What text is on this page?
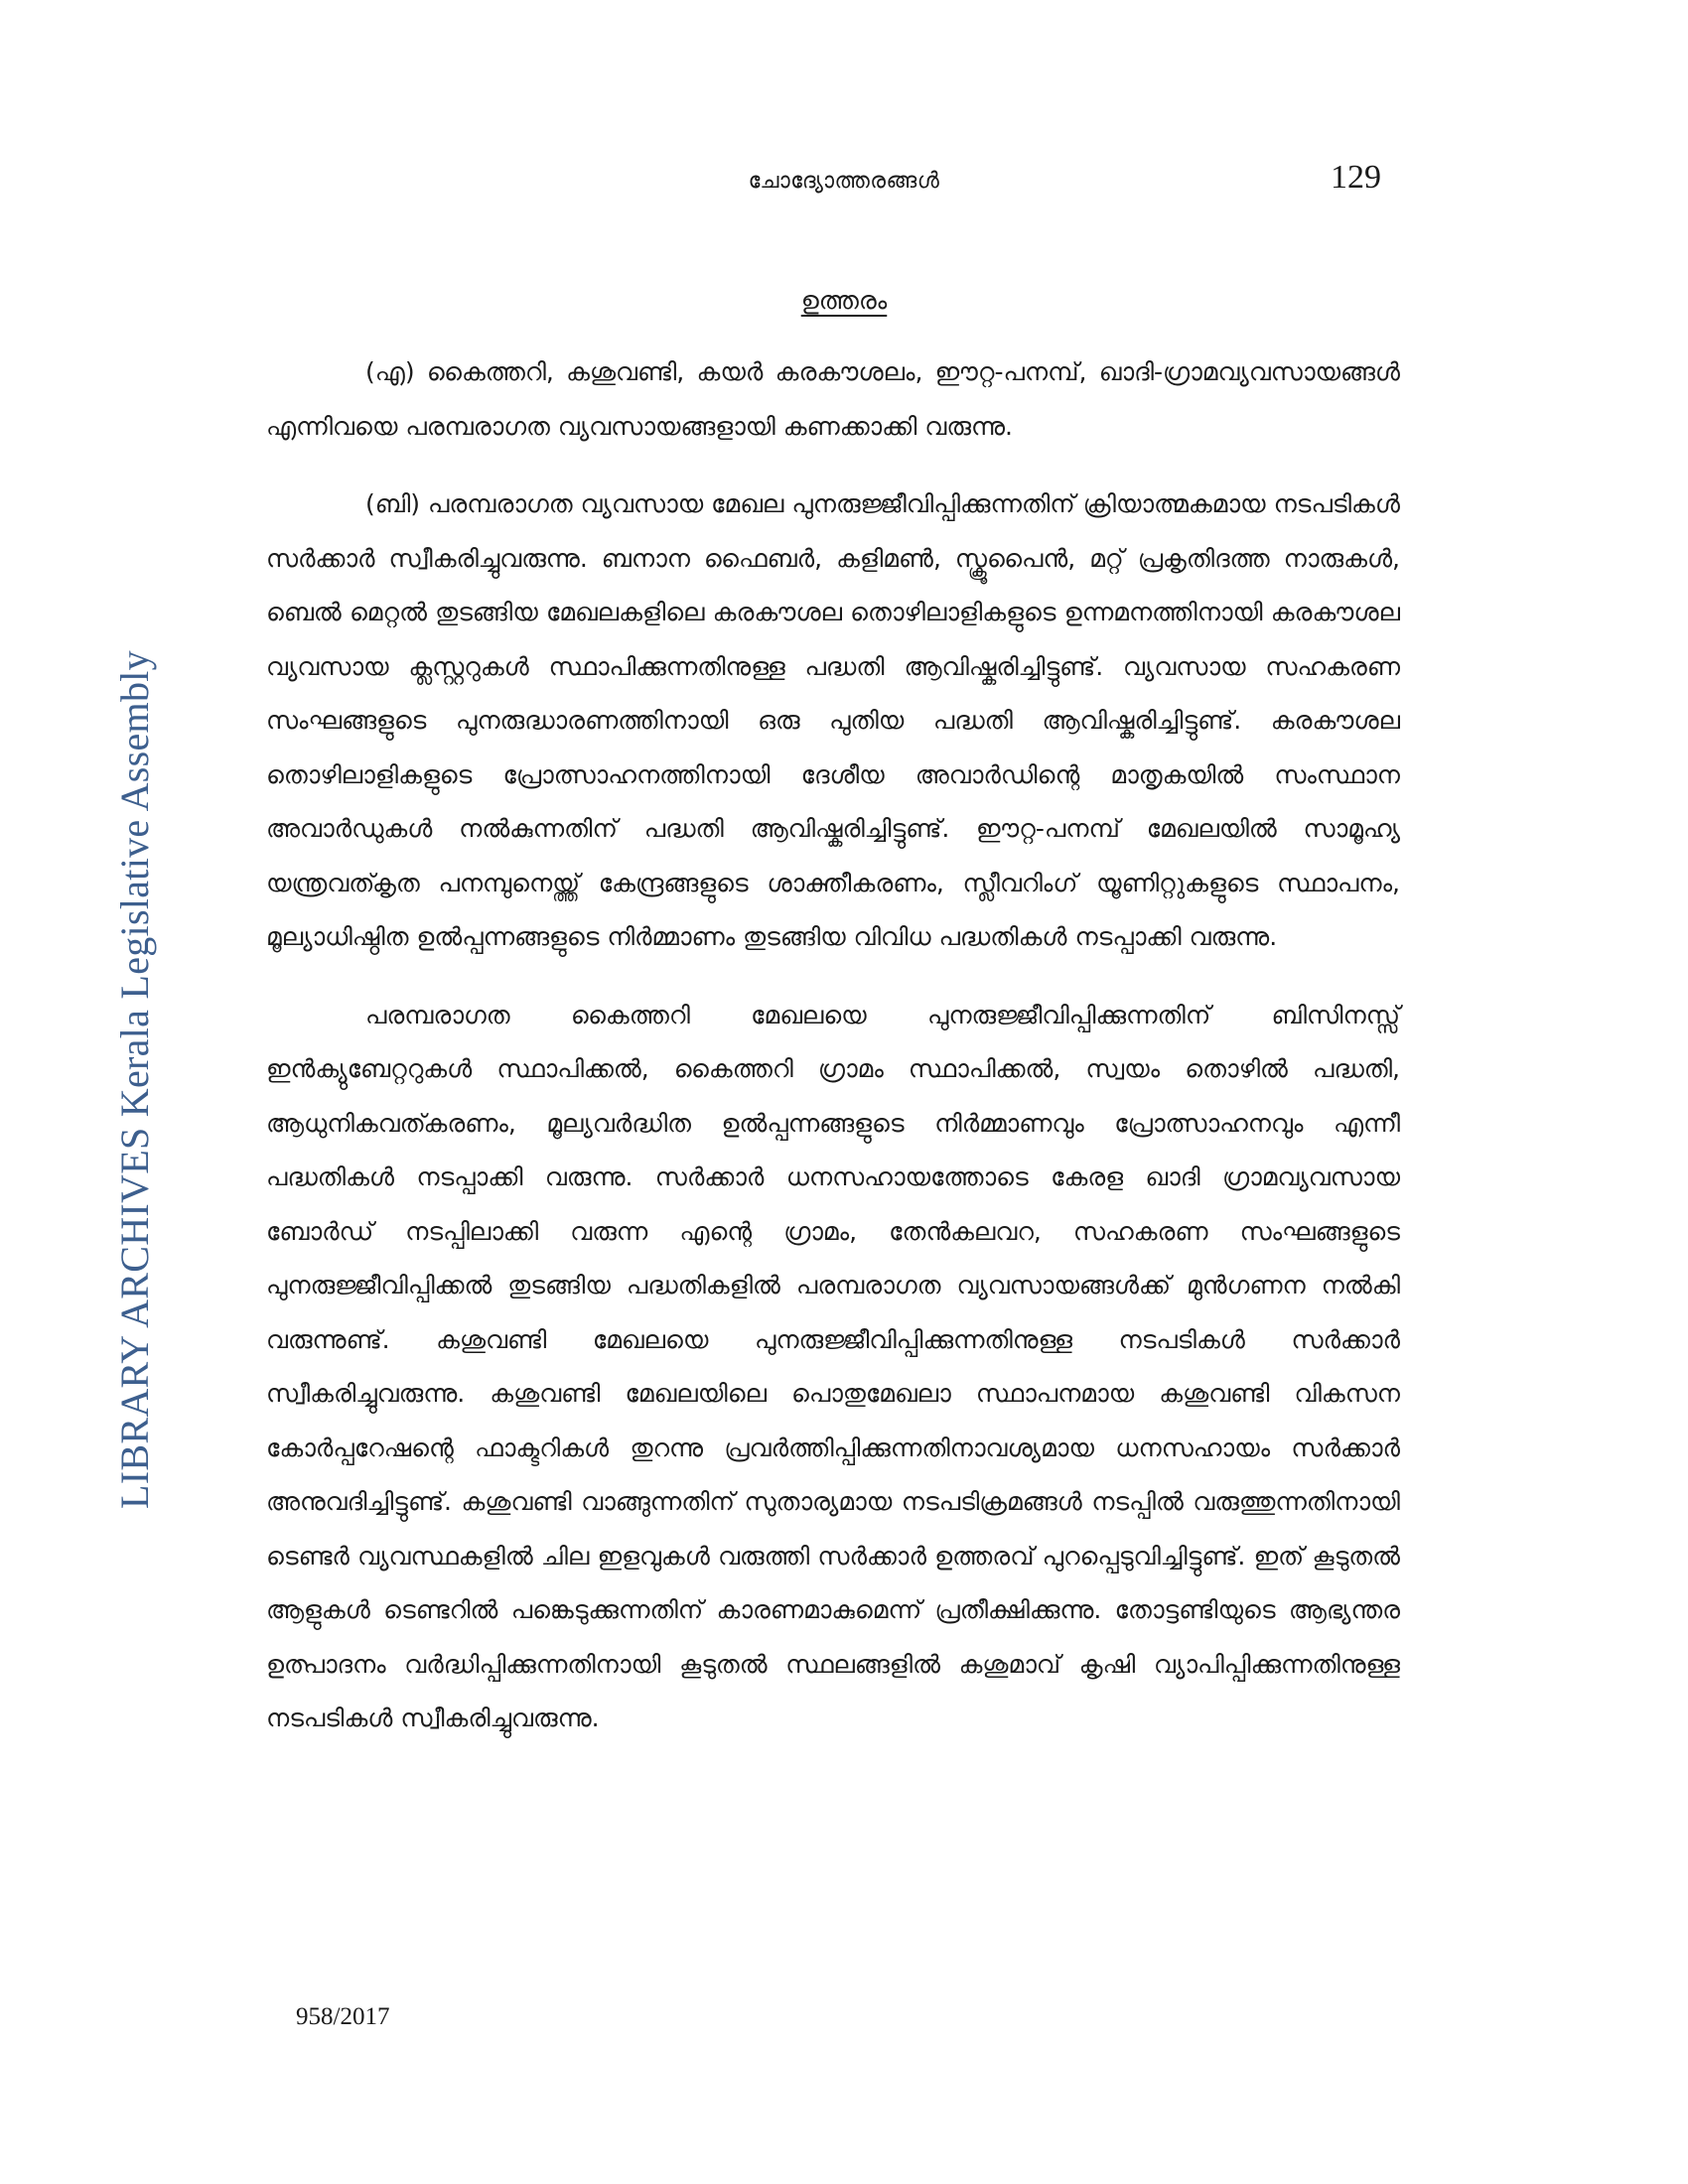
ചോദ്യോത്തരങ്ങൾ	129
LIBRARY ARCHIVES Kerala Legislative Assembly
ഉത്തരം

(എ) കൈത്തറി, കശുവണ്ടി, കയർ കരകൗശലം, ഈറ്റ-പനമ്പ്, ഖാദി-ഗ്രാമവ്യവസായങ്ങൾ എന്നിവയെ പരമ്പരാഗത വ്യവസായങ്ങളായി കണക്കാക്കി വരുന്നു.

(ബി) പരമ്പരാഗത വ്യവസായ മേഖല പുനരുജ്ജീവിപ്പിക്കുന്നതിന് ക്രിയാത്മകമായ നടപടികൾ സർക്കാർ സ്വീകരിച്ചുവരുന്നു. ബനാന ഫൈബർ, കളിമൺ, സ്ക്രൂപൈൻ, മറ്റ് പ്രകൃതിദത്ത നാരുകൾ, ബെൽ മെറ്റൽ തുടങ്ങിയ മേഖലകളിലെ കരകൗശല തൊഴിലാളികളുടെ ഉന്നമനത്തിനായി കരകൗശല വ്യവസായ ക്ലസ്റ്ററുകൾ സ്ഥാപിക്കുന്നതിനുള്ള പദ്ധതി ആവിഷ്കരിച്ചിട്ടുണ്ട്. വ്യവസായ സഹകരണ സംഘങ്ങളുടെ പുനരുദ്ധാരണത്തിനായി ഒരു പുതിയ പദ്ധതി ആവിഷ്കരിച്ചിട്ടുണ്ട്. കരകൗശല തൊഴിലാളികളുടെ പ്രോത്സാഹനത്തിനായി ദേശീയ അവാർഡിന്റെ മാതൃകയിൽ സംസ്ഥാന അവാർഡുകൾ നൽകുന്നതിന് പദ്ധതി ആവിഷ്കരിച്ചിട്ടുണ്ട്. ഈറ്റ-പനമ്പ് മേഖലയിൽ സാമൂഹ്യ യന്ത്രവത്കൃത പനമ്പുനെയ്ത്ത് കേന്ദ്രങ്ങളുടെ ശാക്തീകരണം, സ്ലീവറിംഗ് യൂണിറ്റുകളുടെ സ്ഥാപനം, മൂല്യാധിഷ്ഠിത ഉൽപ്പന്നങ്ങളുടെ നിർമ്മാണം തുടങ്ങിയ വിവിധ പദ്ധതികൾ നടപ്പാക്കി വരുന്നു.

പരമ്പരാഗത കൈത്തറി മേഖലയെ പുനരുജ്ജീവിപ്പിക്കുന്നതിന് ബിസിനസ്സ് ഇൻക്യുബേറ്ററുകൾ സ്ഥാപിക്കൽ, കൈത്തറി ഗ്രാമം സ്ഥാപിക്കൽ, സ്വയം തൊഴിൽ പദ്ധതി, ആധുനികവത്കരണം, മൂല്യവർദ്ധിത ഉൽപ്പന്നങ്ങളുടെ നിർമ്മാണവും പ്രോത്സാഹനവും എന്നീ പദ്ധതികൾ നടപ്പാക്കി വരുന്നു. സർക്കാർ ധനസഹായത്തോടെ കേരള ഖാദി ഗ്രാമവ്യവസായ ബോർഡ് നടപ്പിലാക്കി വരുന്ന എന്റെ ഗ്രാമം, തേൻകലവറ, സഹകരണ സംഘങ്ങളുടെ പുനരുജ്ജീവിപ്പിക്കൽ തുടങ്ങിയ പദ്ധതികളിൽ പരമ്പരാഗത വ്യവസായങ്ങൾക്ക് മുൻഗണന നൽകി വരുന്നുണ്ട്. കശുവണ്ടി മേഖലയെ പുനരുജ്ജീവിപ്പിക്കുന്നതിനുള്ള നടപടികൾ സർക്കാർ സ്വീകരിച്ചുവരുന്നു. കശുവണ്ടി മേഖലയിലെ പൊതുമേഖലാ സ്ഥാപനമായ കശുവണ്ടി വികസന കോർപ്പറേഷന്റെ ഫാക്ടറികൾ തുറന്നു പ്രവർത്തിപ്പിക്കുന്നതിനാവശ്യമായ ധനസഹായം സർക്കാർ അനുവദിച്ചിട്ടുണ്ട്. കശുവണ്ടി വാങ്ങുന്നതിന് സുതാര്യമായ നടപടിക്രമങ്ങൾ നടപ്പിൽ വരുത്തുന്നതിനായി ടെണ്ടർ വ്യവസ്ഥകളിൽ ചില ഇളവുകൾ വരുത്തി സർക്കാർ ഉത്തരവ് പുറപ്പെടുവിച്ചിട്ടുണ്ട്. ഇത് കൂടുതൽ ആളുകൾ ടെണ്ടറിൽ പങ്കെടുക്കുന്നതിന് കാരണമാകുമെന്ന് പ്രതീക്ഷിക്കുന്നു. തോട്ടണ്ടിയുടെ ആഭ്യന്തര ഉത്പാദനം വർദ്ധിപ്പിക്കുന്നതിനായി കൂടുതൽ സ്ഥലങ്ങളിൽ കശുമാവ് കൃഷി വ്യാപിപ്പിക്കുന്നതിനുള്ള നടപടികൾ സ്വീകരിച്ചുവരുന്നു.

958/2017
